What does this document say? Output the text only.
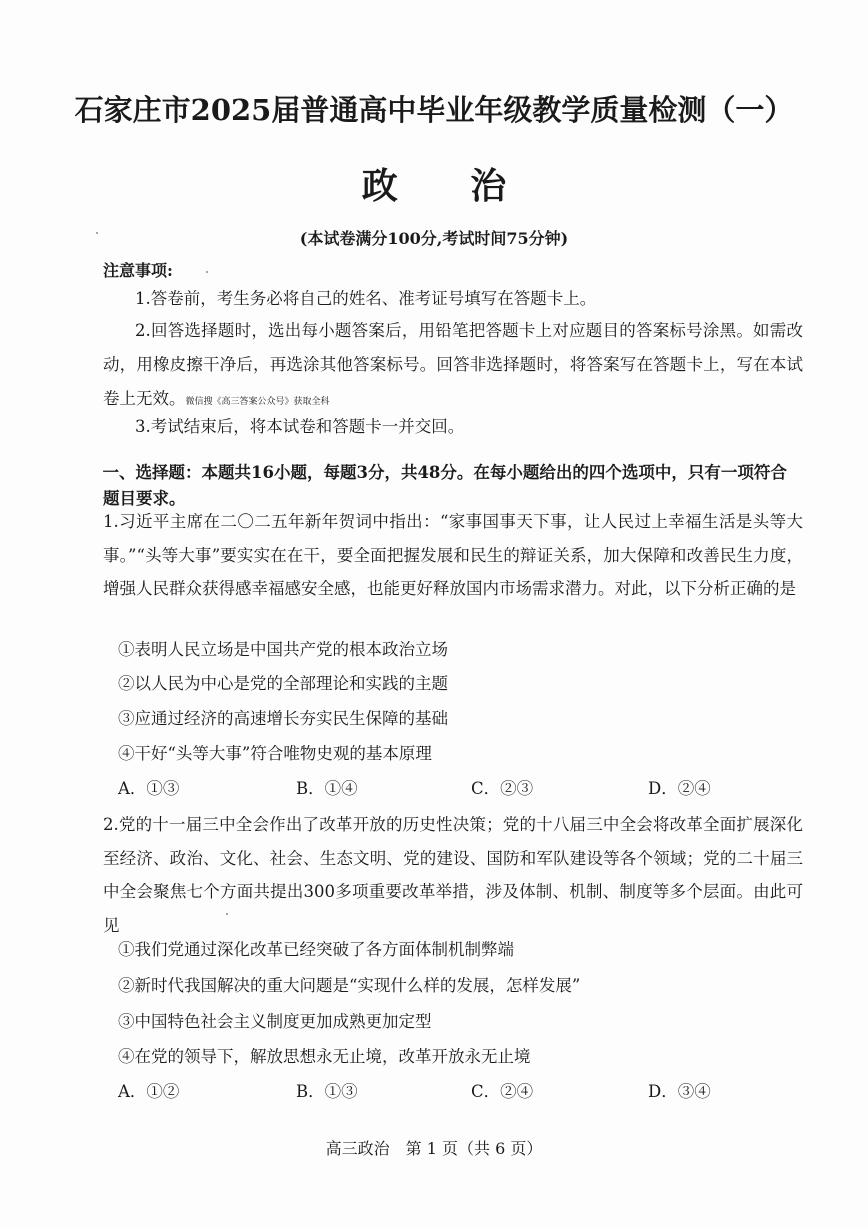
石家庄市2025届普通高中毕业年级教学质量检测（一）
政 治
(本试卷满分100分,考试时间75分钟)
注意事项:
1.答卷前，考生务必将自己的姓名、准考证号填写在答题卡上。
2.回答选择题时，选出每小题答案后，用铅笔把答题卡上对应题目的答案标号涂黑。如需改动，用橡皮擦干净后，再选涂其他答案标号。回答非选择题时，将答案写在答题卡上，写在本试卷上无效。微信搜《高三答案公众号》获取全科
3.考试结束后，将本试卷和答题卡一并交回。
一、选择题：本题共16小题，每题3分，共48分。在每小题给出的四个选项中，只有一项符合题目要求。
1.习近平主席在二〇二五年新年贺词中指出：“家事国事天下事，让人民过上幸福生活是头等大事。”“头等大事”要实实在在干，要全面把握发展和民生的辩证关系，加大保障和改善民生力度，增强人民群众获得感幸福感安全感，也能更好释放国内市场需求潜力。对此，以下分析正确的是
①表明人民立场是中国共产党的根本政治立场
②以人民为中心是党的全部理论和实践的主题
③应通过经济的高速增长夯实民生保障的基础
④干好“头等大事”符合唯物史观的基本原理
A．①③	B．①④	C．②③	D．②④
2.党的十一届三中全会作出了改革开放的历史性决策；党的十八届三中全会将改革全面扩展深化至经济、政治、文化、社会、生态文明、党的建设、国防和军队建设等各个领域；党的二十届三中全会聚焦七个方面共提出300多项重要改革举措，涉及体制、机制、制度等多个层面。由此可见
①我们党通过深化改革已经突破了各方面体制机制弊端
②新时代我国解决的重大问题是“实现什么样的发展，怎样发展”
③中国特色社会主义制度更加成熟更加定型
④在党的领导下，解放思想永无止境，改革开放永无止境
A．①②	B．①③	C．②④	D．③④
高三政治　第 1 页（共 6 页）
